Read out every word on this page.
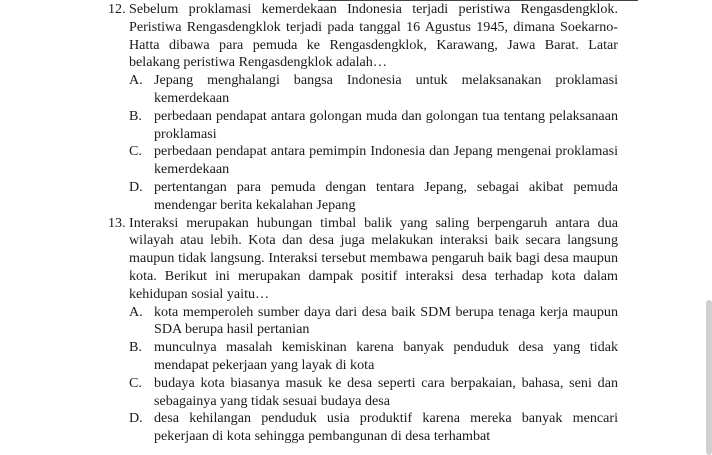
12. Sebelum proklamasi kemerdekaan Indonesia terjadi peristiwa Rengasdengklok. Peristiwa Rengasdengklok terjadi pada tanggal 16 Agustus 1945, dimana Soekarno-Hatta dibawa para pemuda ke Rengasdengklok, Karawang, Jawa Barat. Latar belakang peristiwa Rengasdengklok adalah…
A. Jepang menghalangi bangsa Indonesia untuk melaksanakan proklamasi kemerdekaan
B. perbedaan pendapat antara golongan muda dan golongan tua tentang pelaksanaan proklamasi
C. perbedaan pendapat antara pemimpin Indonesia dan Jepang mengenai proklamasi kemerdekaan
D. pertentangan para pemuda dengan tentara Jepang, sebagai akibat pemuda mendengar berita kekalahan Jepang
13. Interaksi merupakan hubungan timbal balik yang saling berpengaruh antara dua wilayah atau lebih. Kota dan desa juga melakukan interaksi baik secara langsung maupun tidak langsung. Interaksi tersebut membawa pengaruh baik bagi desa maupun kota. Berikut ini merupakan dampak positif interaksi desa terhadap kota dalam kehidupan sosial yaitu…
A. kota memperoleh sumber daya dari desa baik SDM berupa tenaga kerja maupun SDA berupa hasil pertanian
B. munculnya masalah kemiskinan karena banyak penduduk desa yang tidak mendapat pekerjaan yang layak di kota
C. budaya kota biasanya masuk ke desa seperti cara berpakaian, bahasa, seni dan sebagainya yang tidak sesuai budaya desa
D. desa kehilangan penduduk usia produktif karena mereka banyak mencari pekerjaan di kota sehingga pembangunan di desa terhambat
